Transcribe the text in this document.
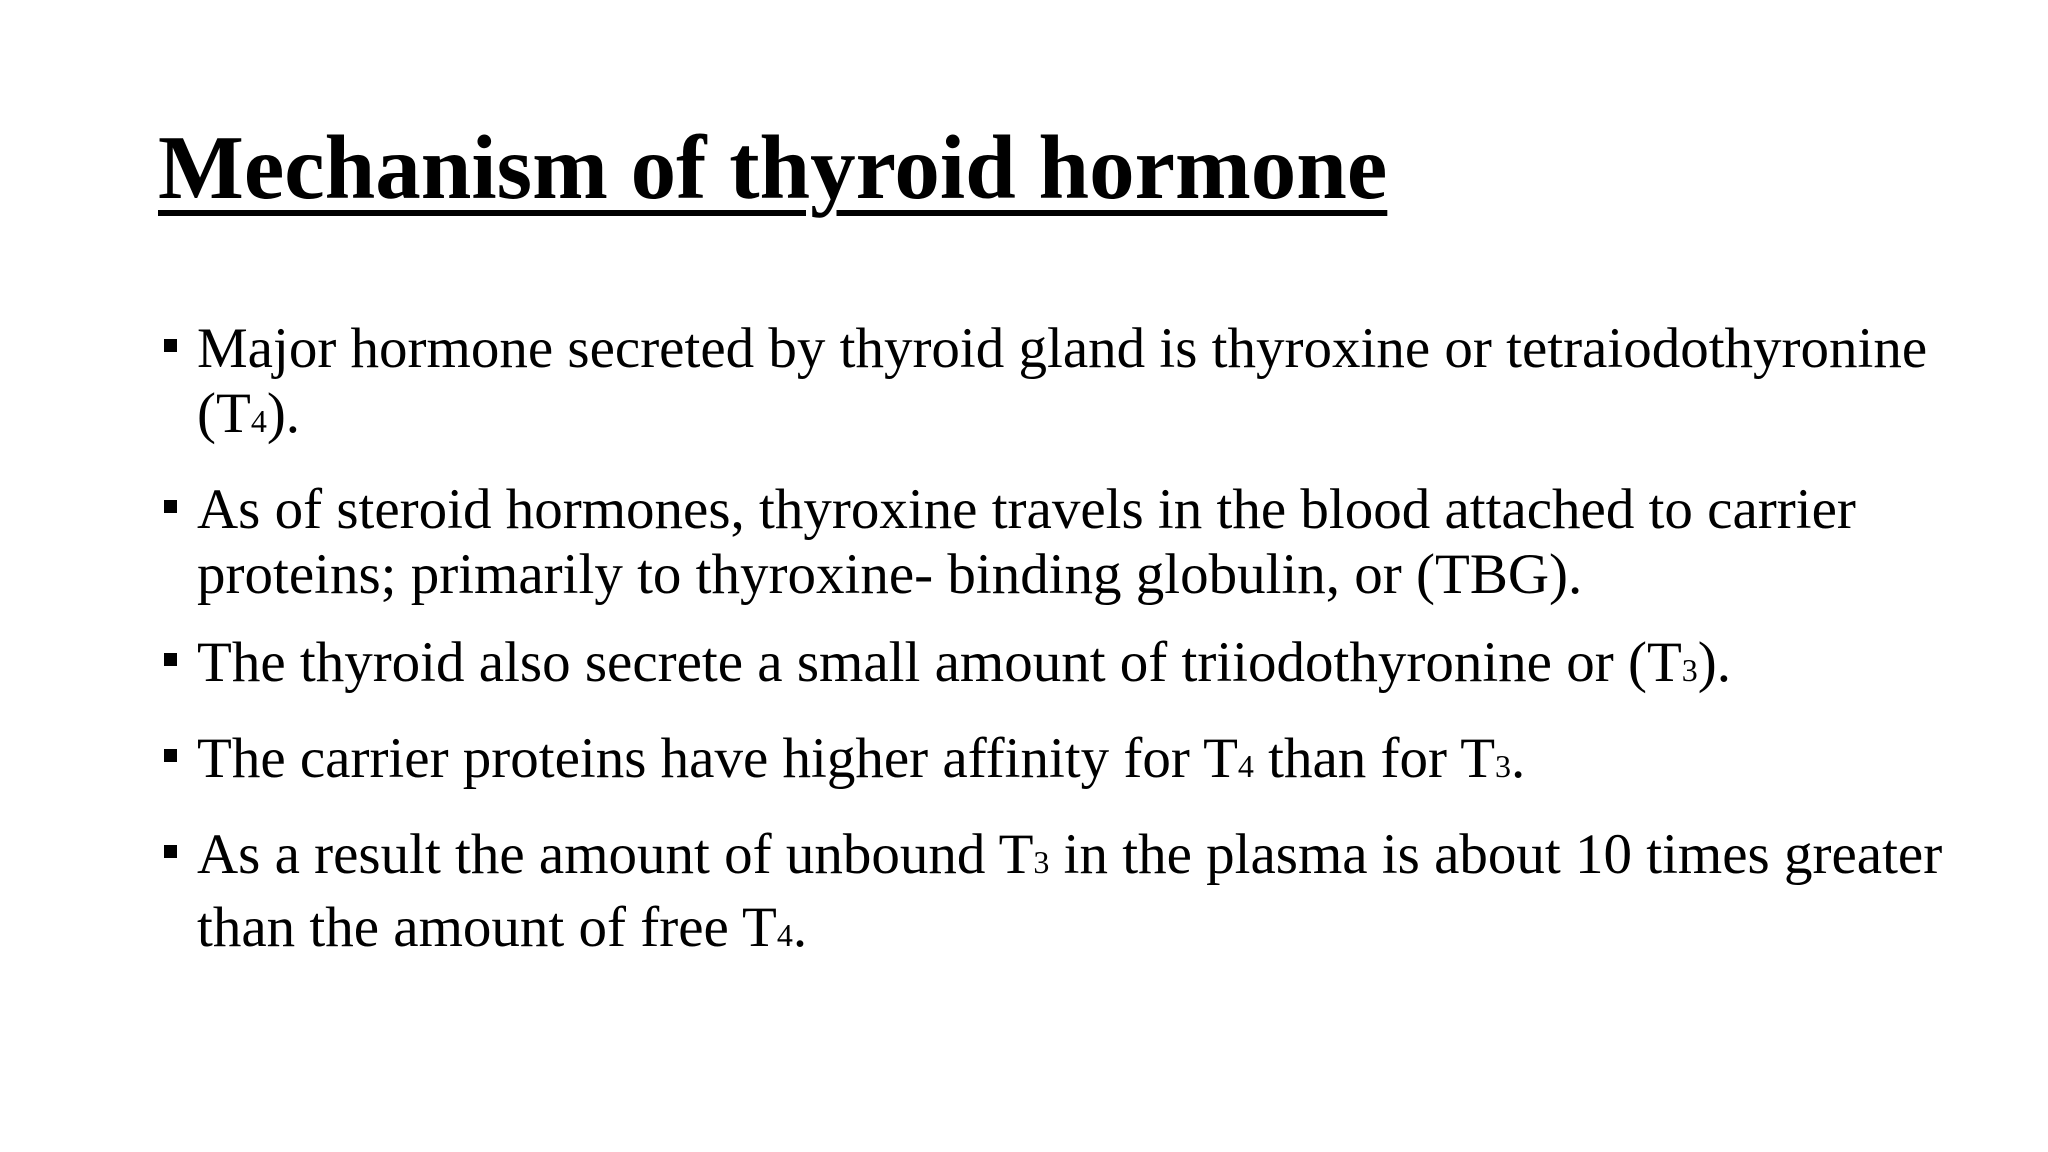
Mechanism of thyroid hormone
Major hormone secreted by thyroid gland is thyroxine or tetraiodothyronine (T4).
As of steroid hormones, thyroxine travels in the blood attached to carrier proteins; primarily to thyroxine- binding globulin, or (TBG).
The thyroid also secrete a small amount of triiodothyronine or (T3).
The carrier proteins have higher affinity for T4 than for T3.
As a result the amount of unbound T3 in the plasma is about 10 times greater than the amount of free T4.
